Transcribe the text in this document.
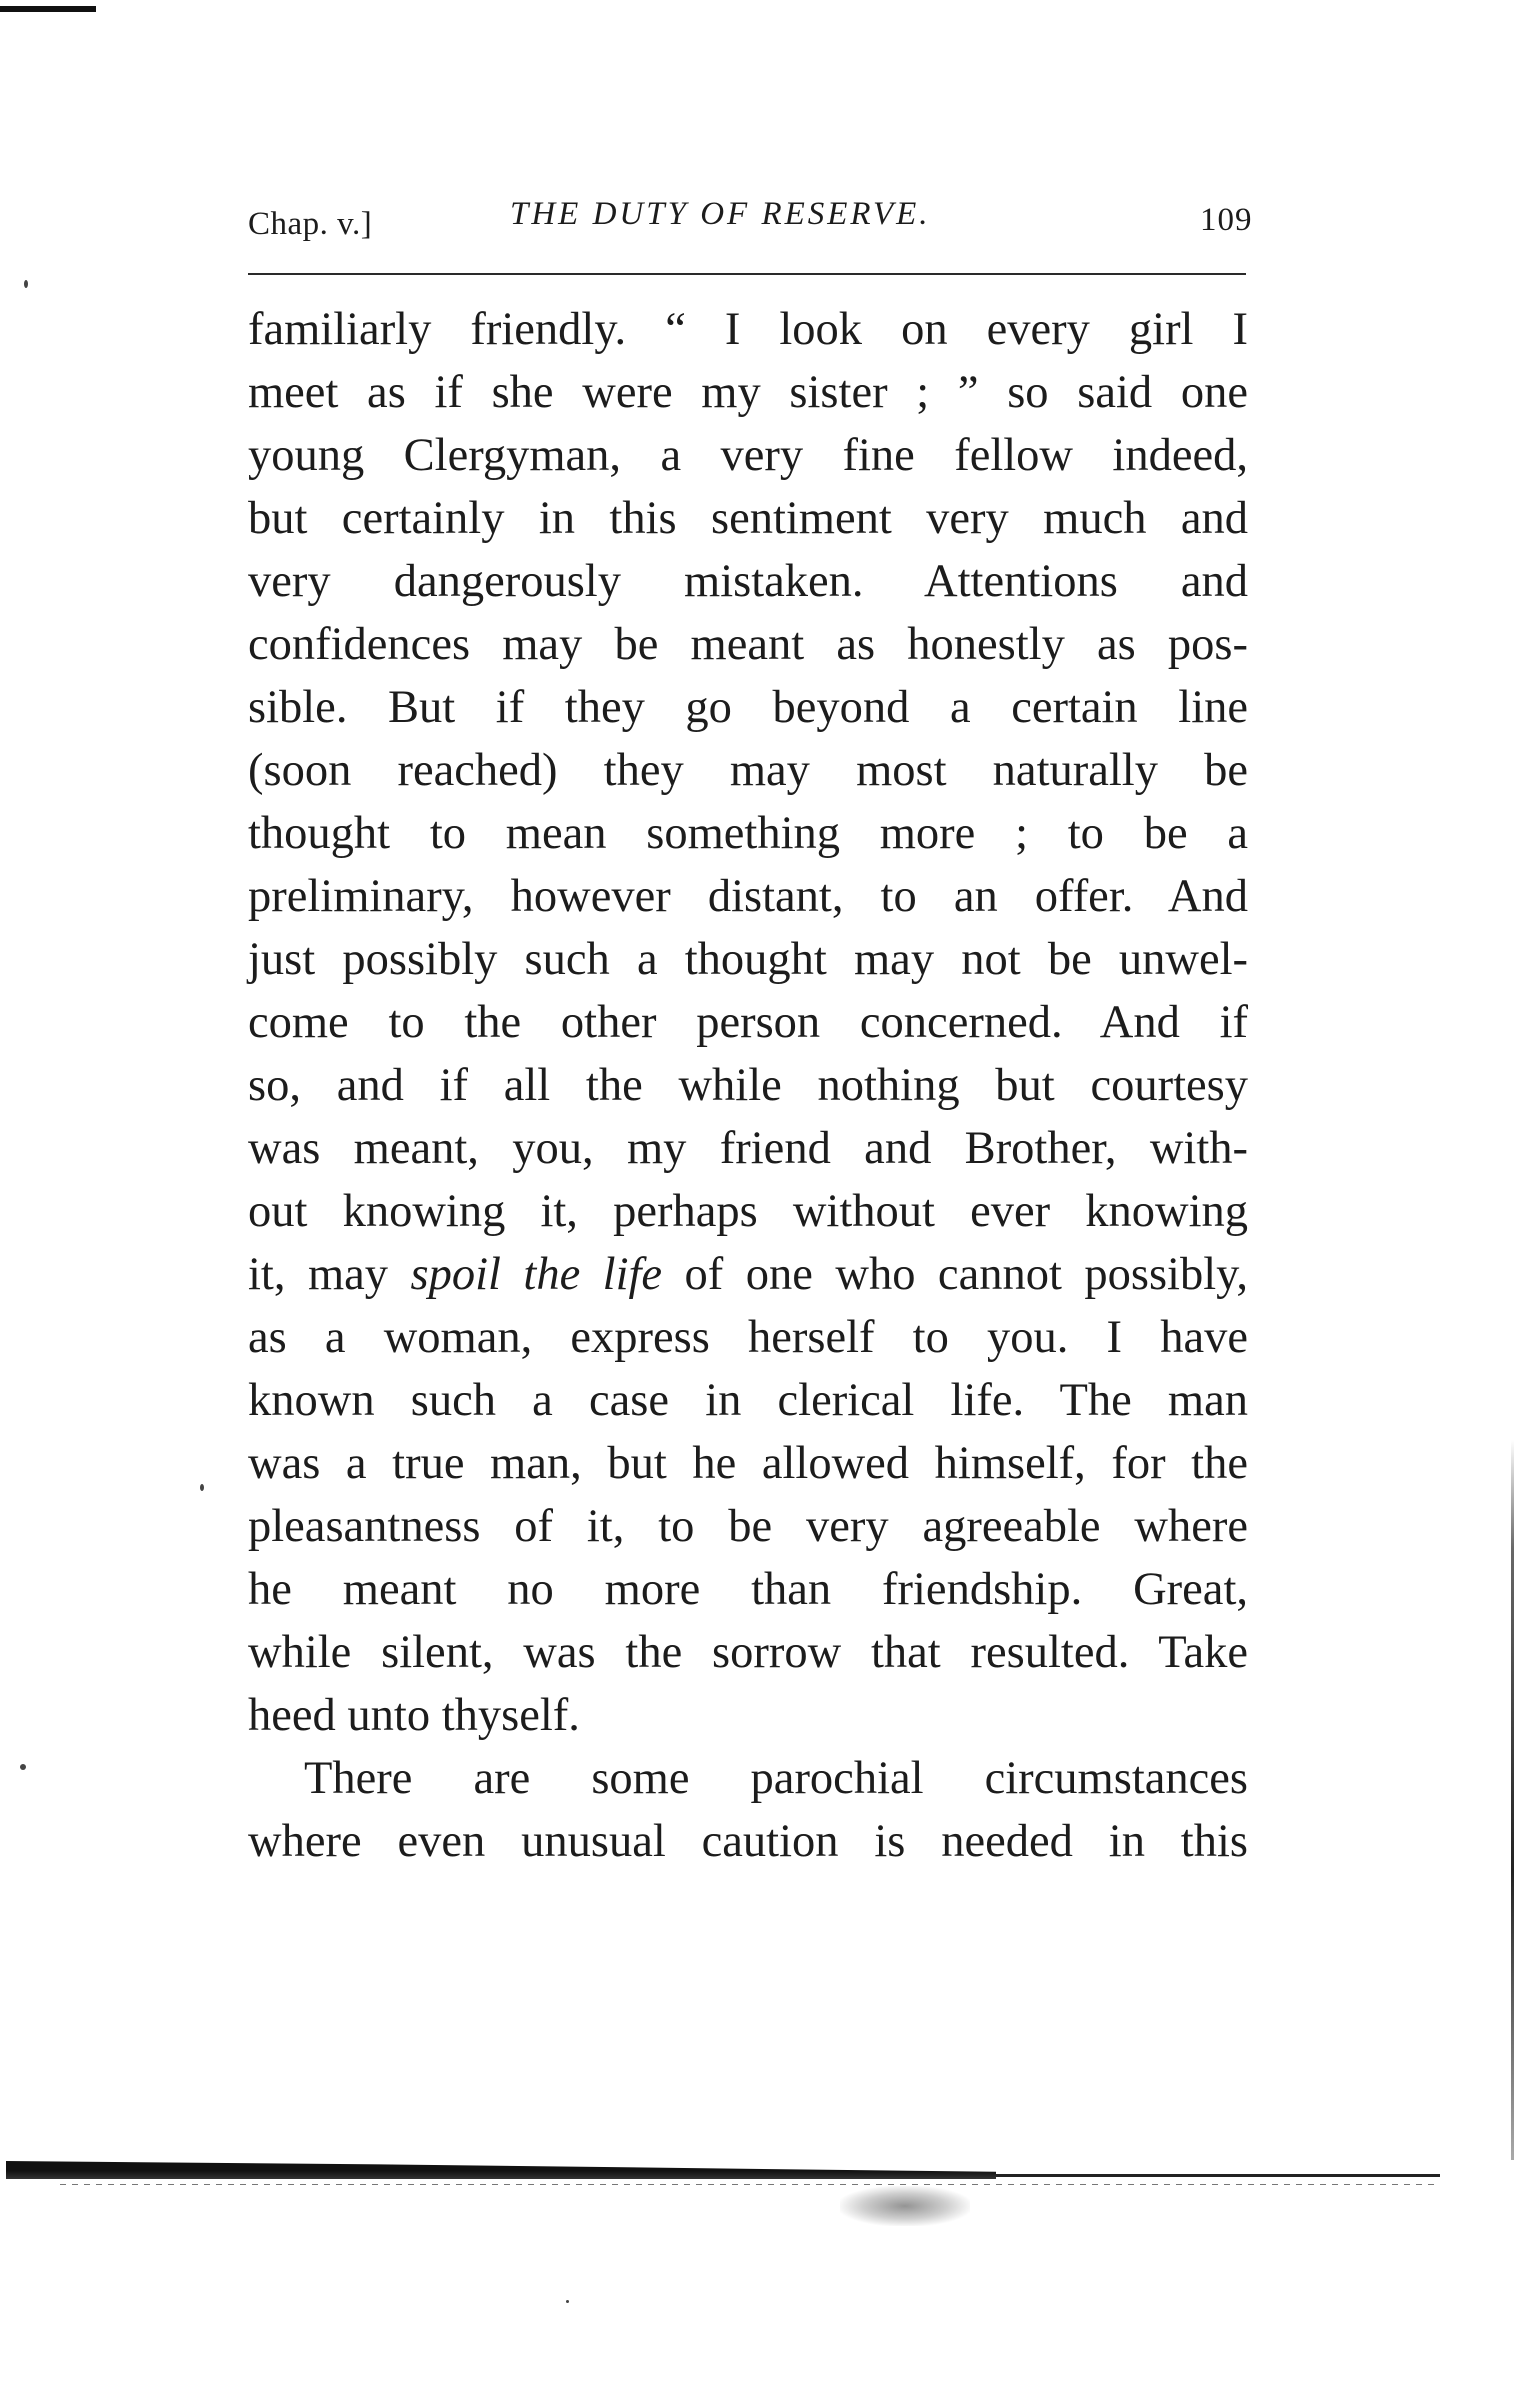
Chap. v.]	THE DUTY OF RESERVE.	109
familiarly friendly. “ I look on every girl I
meet as if she were my sister ; ” so said one
young Clergyman, a very fine fellow indeed,
but certainly in this sentiment very much and
very dangerously mistaken. Attentions and
confidences may be meant as honestly as pos-
sible. But if they go beyond a certain line
(soon reached) they may most naturally be
thought to mean something more ; to be a
preliminary, however distant, to an offer. And
just possibly such a thought may not be unwel-
come to the other person concerned. And if
so, and if all the while nothing but courtesy
was meant, you, my friend and Brother, with-
out knowing it, perhaps without ever knowing
it, may spoil the life of one who cannot possibly,
as a woman, express herself to you. I have
known such a case in clerical life. The man
was a true man, but he allowed himself, for the
pleasantness of it, to be very agreeable where
he meant no more than friendship. Great,
while silent, was the sorrow that resulted. Take
heed unto thyself.
There are some parochial circumstances
where even unusual caution is needed in this
